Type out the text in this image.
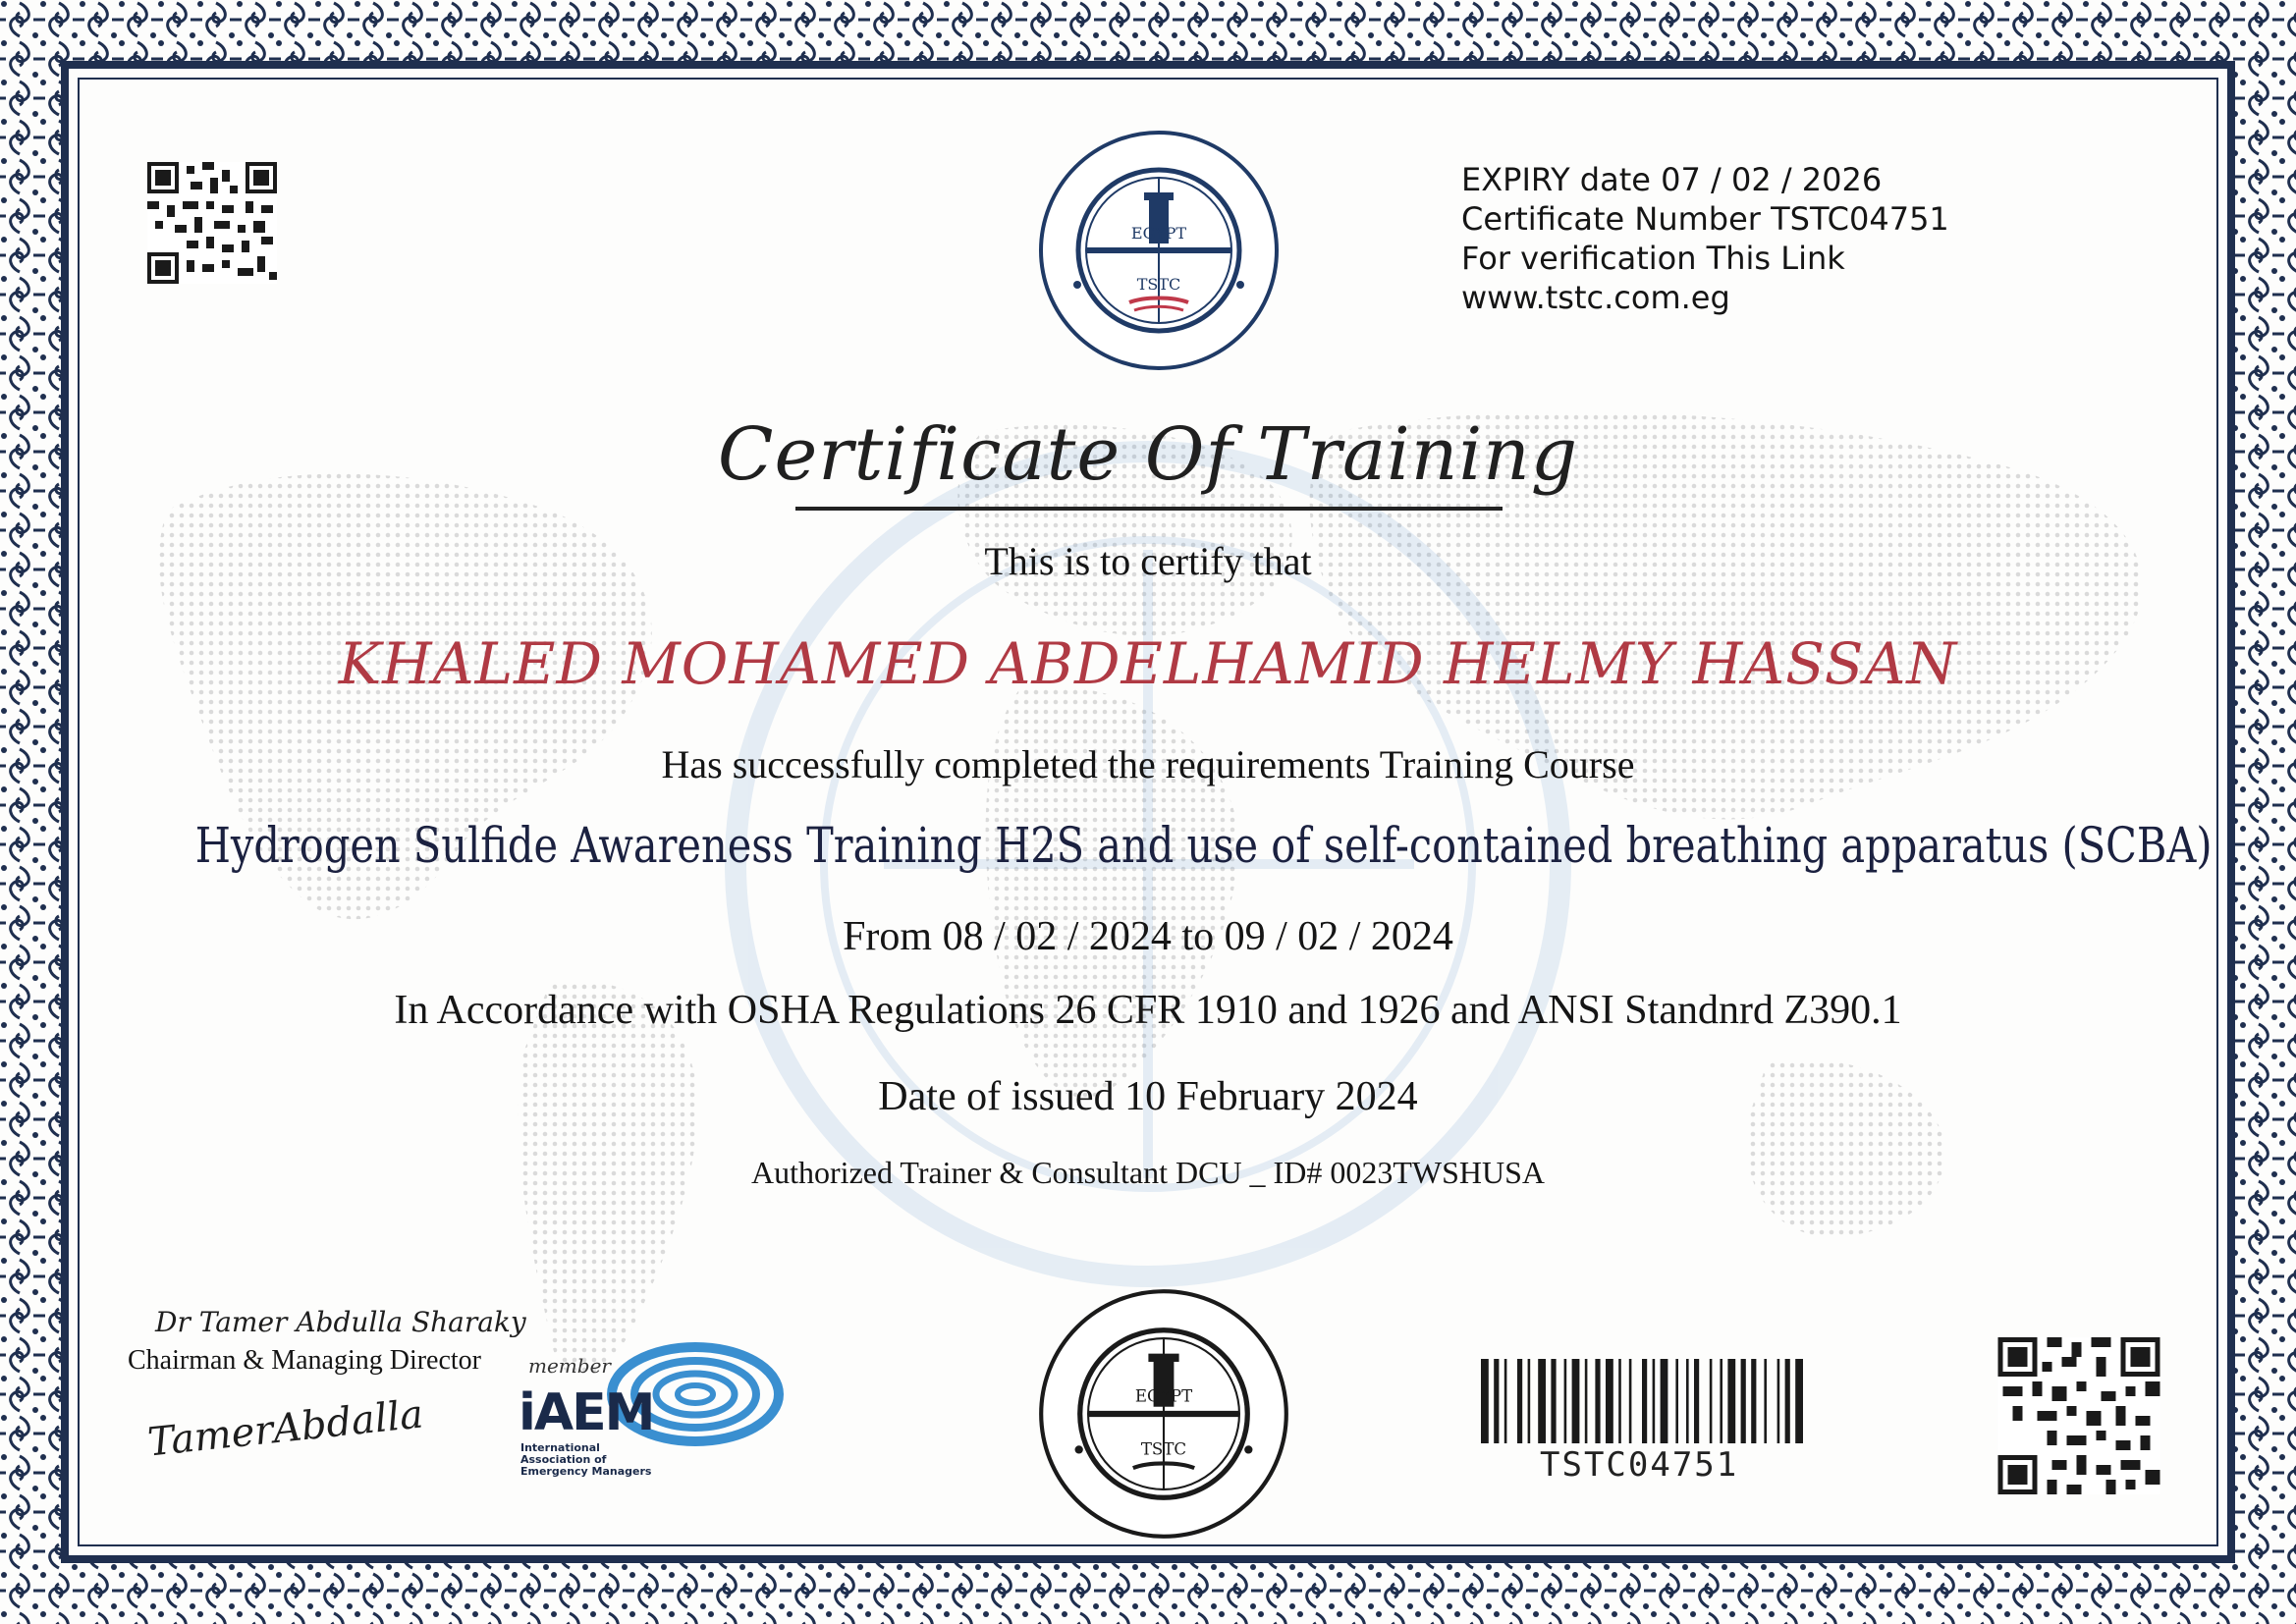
EGYPT
TSTC
EXPIRY date 07 / 02 / 2026
Certificate Number TSTC04751
For verification This Link
www.tstc.com.eg
Certificate Of Training
This is to certify that
KHALED MOHAMED ABDELHAMID HELMY HASSAN
Has successfully completed the requirements Training Course
Hydrogen Sulfide Awareness Training H2S and use of self-contained breathing apparatus (SCBA)
From 08 / 02 / 2024 to 09 / 02 / 2024
In Accordance with OSHA Regulations 26 CFR 1910 and 1926 and ANSI Standnrd Z390.1
Date of issued 10 February 2024
Authorized Trainer & Consultant DCU _ ID# 0023TWSHUSA
Dr Tamer Abdulla Sharaky
Chairman & Managing Director
TamerAbdalla
member
iAEM
International
Association of
Emergency Managers
EGYPT
TSTC	TSTC04751
